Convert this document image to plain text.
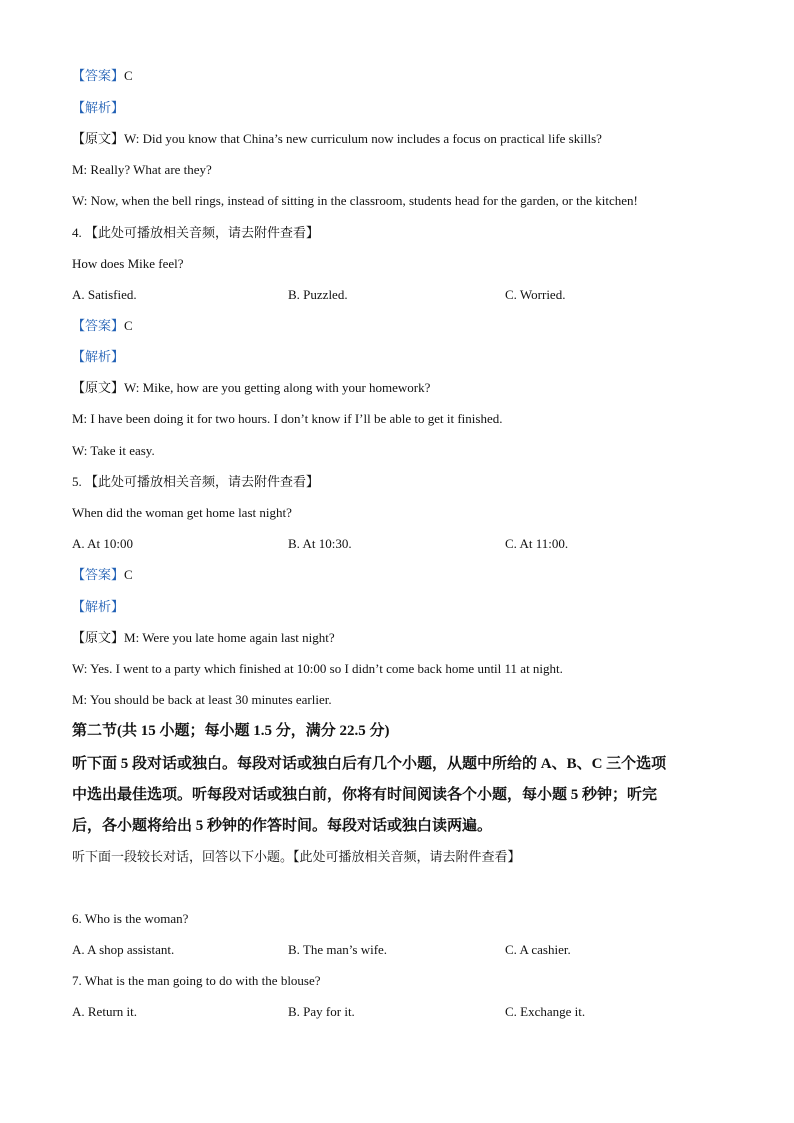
【答案】C
【解析】
【原文】W: Did you know that China’s new curriculum now includes a focus on practical life skills?
M: Really? What are they?
W: Now, when the bell rings, instead of sitting in the classroom, students head for the garden, or the kitchen!
4. 【此处可播放相关音频，请去附件查看】
How does Mike feel?
A. Satisfied.	B. Puzzled.	C. Worried.
【答案】C
【解析】
【原文】W: Mike, how are you getting along with your homework?
M: I have been doing it for two hours. I don’t know if I’ll be able to get it finished.
W: Take it easy.
5. 【此处可播放相关音频，请去附件查看】
When did the woman get home last night?
A. At 10:00	B. At 10:30.	C. At 11:00.
【答案】C
【解析】
【原文】M: Were you late home again last night?
W: Yes. I went to a party which finished at 10:00 so I didn’t come back home until 11 at night.
M: You should be back at least 30 minutes earlier.
第二节(共 15 小题；每小题 1.5 分，满分 22.5 分)
听下面 5 段对话或独白。每段对话或独白后有几个小题，从题中所给的 A、B、C 三个选项
中选出最佳选项。听每段对话或独白前，你将有时间阅读各个小题，每小题 5 秒钟；听完
后，各小题将给出 5 秒钟的作答时间。每段对话或独白读两遍。
听下面一段较长对话，回答以下小题。【此处可播放相关音频，请去附件查看】
6. Who is the woman?
A. A shop assistant.	B. The man’s wife.	C. A cashier.
7. What is the man going to do with the blouse?
A. Return it.	B. Pay for it.	C. Exchange it.
